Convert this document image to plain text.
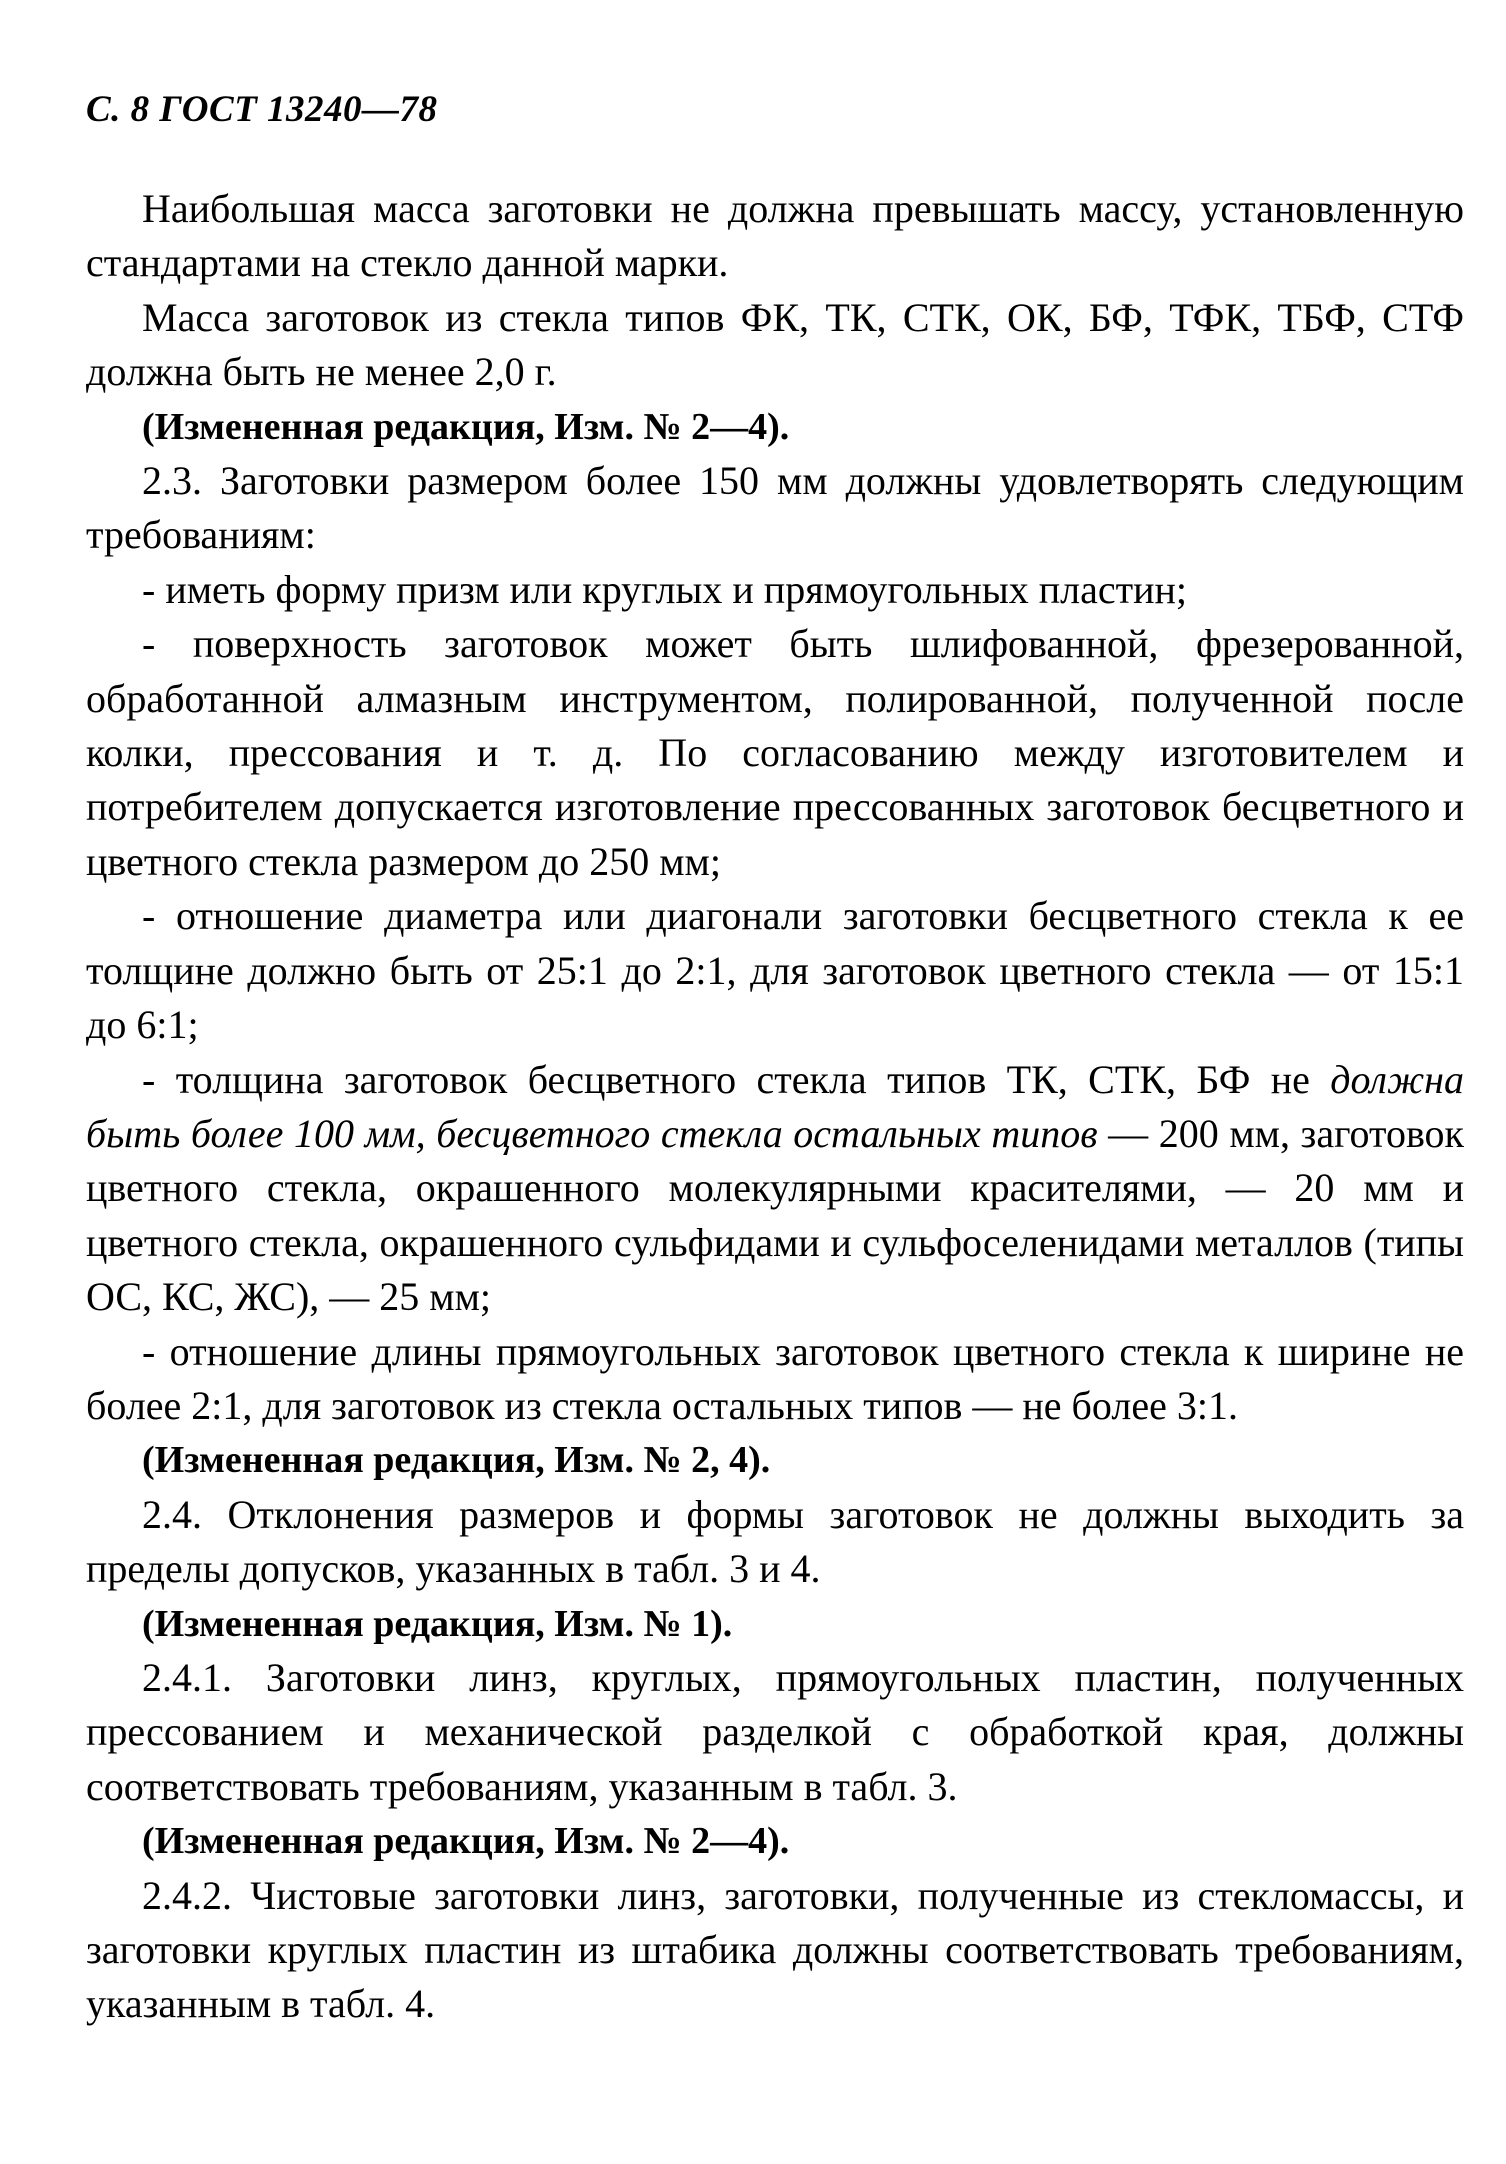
С. 8 ГОСТ 13240—78

Наибольшая масса заготовки не должна превышать массу, установленную стандартами на стекло данной марки.

Масса заготовок из стекла типов ФК, ТК, СТК, ОК, БФ, ТФК, ТБФ, СТФ должна быть не менее 2,0 г.

(Измененная редакция, Изм. № 2—4).

2.3. Заготовки размером более 150 мм должны удовлетворять следующим требованиям:

- иметь форму призм или круглых и прямоугольных пластин;

- поверхность заготовок может быть шлифованной, фрезерованной, обработанной алмазным инструментом, полированной, полученной после колки, прессования и т. д. По согласованию между изготовителем и потребителем допускается изготовление прессованных заготовок бесцветного и цветного стекла размером до 250 мм;

- отношение диаметра или диагонали заготовки бесцветного стекла к ее толщине должно быть от 25:1 до 2:1, для заготовок цветного стекла — от 15:1 до 6:1;

- толщина заготовок бесцветного стекла типов ТК, СТК, БФ не должна быть более 100 мм, бесцветного стекла остальных типов — 200 мм, заготовок цветного стекла, окрашенного молекулярными красителями, — 20 мм и цветного стекла, окрашенного сульфидами и сульфоселенидами металлов (типы ОС, КС, ЖС), — 25 мм;

- отношение длины прямоугольных заготовок цветного стекла к ширине не более 2:1, для заготовок из стекла остальных типов — не более 3:1.

(Измененная редакция, Изм. № 2, 4).

2.4. Отклонения размеров и формы заготовок не должны выходить за пределы допусков, указанных в табл. 3 и 4.

(Измененная редакция, Изм. № 1).

2.4.1. Заготовки линз, круглых, прямоугольных пластин, полученных прессованием и механической разделкой с обработкой края, должны соответствовать требованиям, указанным в табл. 3.

(Измененная редакция, Изм. № 2—4).

2.4.2. Чистовые заготовки линз, заготовки, полученные из стекломассы, и заготовки круглых пластин из штабика должны соответствовать требованиям, указанным в табл. 4.
